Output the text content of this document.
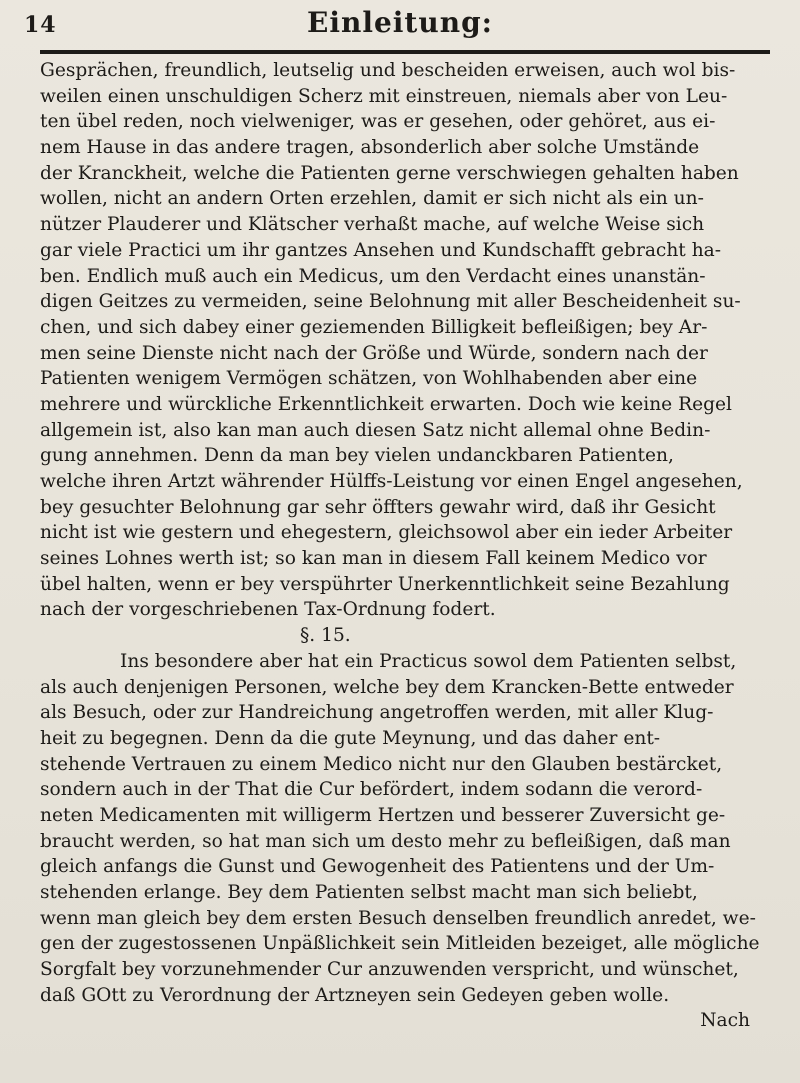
14	Einleitung:
Gesprächen, freundlich, leutselig und bescheiden erweisen, auch wol bis-
weilen einen unschuldigen Scherz mit einstreuen, niemals aber von Leu-
ten übel reden, noch vielweniger, was er gesehen, oder gehöret, aus ei-
nem Hause in das andere tragen, absonderlich aber solche Umstände
der Kranckheit, welche die Patienten gerne verschwiegen gehalten haben
wollen, nicht an andern Orten erzehlen, damit er sich nicht als ein un-
nützer Plauderer und Klätscher verhaßt mache, auf welche Weise sich
gar viele Practici um ihr gantzes Ansehen und Kundschafft gebracht ha-
ben. Endlich muß auch ein Medicus, um den Verdacht eines unanstän-
digen Geitzes zu vermeiden, seine Belohnung mit aller Bescheidenheit su-
chen, und sich dabey einer geziemenden Billigkeit befleißigen; bey Ar-
men seine Dienste nicht nach der Größe und Würde, sondern nach der
Patienten wenigem Vermögen schätzen, von Wohlhabenden aber eine
mehrere und würckliche Erkenntlichkeit erwarten. Doch wie keine Regel
allgemein ist, also kan man auch diesen Satz nicht allemal ohne Bedin-
gung annehmen. Denn da man bey vielen undanckbaren Patienten,
welche ihren Artzt währender Hülffs-Leistung vor einen Engel angesehen,
bey gesuchter Belohnung gar sehr öffters gewahr wird, daß ihr Gesicht
nicht ist wie gestern und ehegestern, gleichsowol aber ein ieder Arbeiter
seines Lohnes werth ist; so kan man in diesem Fall keinem Medico vor
übel halten, wenn er bey verspührter Unerkenntlichkeit seine Bezahlung
nach der vorgeschriebenen Tax-Ordnung fodert.
§. 15.
Ins besondere aber hat ein Practicus sowol dem Patienten selbst,
als auch denjenigen Personen, welche bey dem Krancken-Bette entweder
als Besuch, oder zur Handreichung angetroffen werden, mit aller Klug-
heit zu begegnen. Denn da die gute Meynung, und das daher ent-
stehende Vertrauen zu einem Medico nicht nur den Glauben bestärcket,
sondern auch in der That die Cur befördert, indem sodann die verord-
neten Medicamenten mit willigerm Hertzen und besserer Zuversicht ge-
braucht werden, so hat man sich um desto mehr zu befleißigen, daß man
gleich anfangs die Gunst und Gewogenheit des Patientens und der Um-
stehenden erlange. Bey dem Patienten selbst macht man sich beliebt,
wenn man gleich bey dem ersten Besuch denselben freundlich anredet, we-
gen der zugestossenen Unpäßlichkeit sein Mitleiden bezeiget, alle mögliche
Sorgfalt bey vorzunehmender Cur anzuwenden verspricht, und wünschet,
daß GOtt zu Verordnung der Artzneyen sein Gedeyen geben wolle.
Nach
